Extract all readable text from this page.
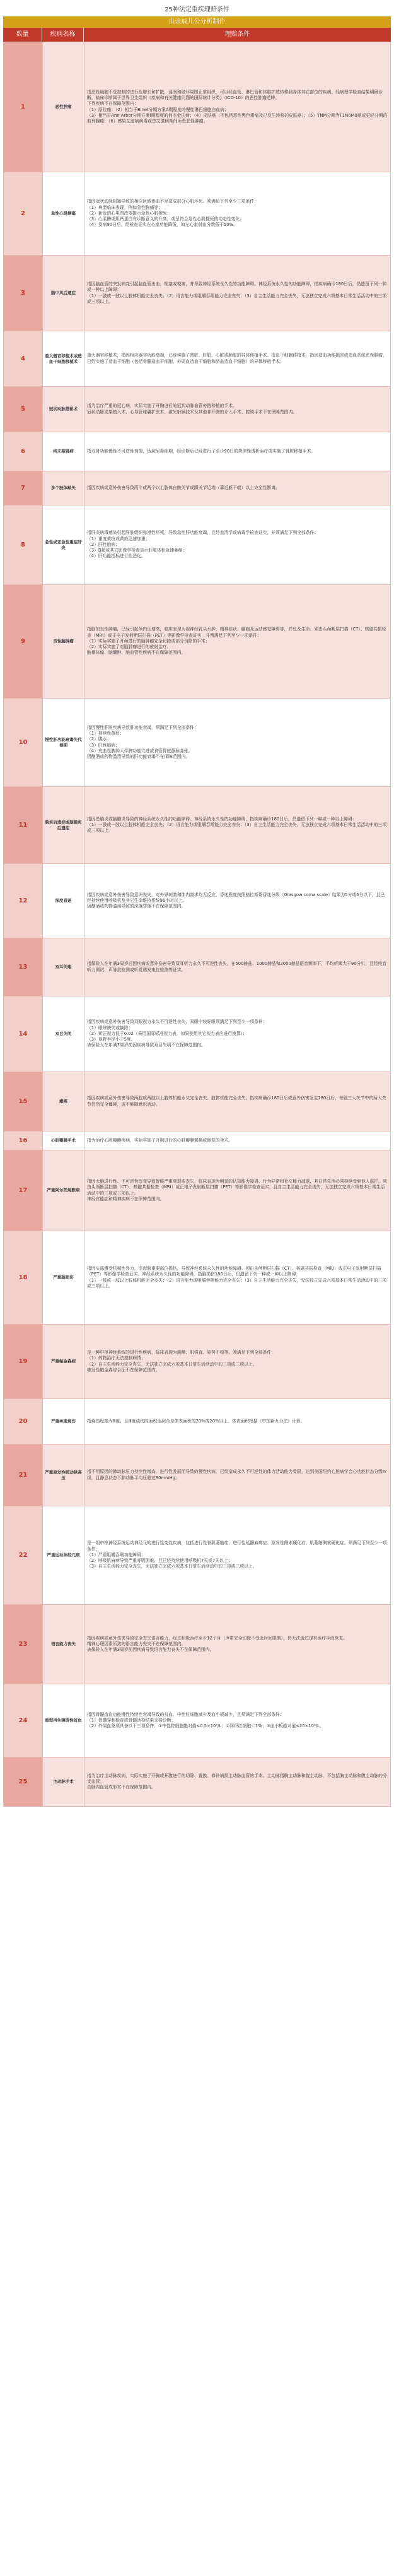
25种法定重疾理赔条件
由亲戚儿公分析制作
数量	疾病名称	理赔条件
1	恶性肿瘤

指恶性细胞不受控制的进行性增长和扩散，浸润和破坏周围正常组织，可以经血管、淋巴管和体腔扩散转移到身体其它部位的疾病。经病理学检查结果明确诊断，临床诊断属于世界卫生组织《疾病和有关健康问题的国际统计分类》（ICD-10）的恶性肿瘤范畴。
下列疾病不在保障范围内：
（1）原位癌；（2）相当于Binet分期方案A期程度的慢性淋巴细胞白血病；
（3）相当于Ann Arbor分期方案I期程度的何杰金氏病；（4）皮肤癌（不包括恶性黑色素瘤及已发生转移的皮肤癌）；（5）TNM分期为T1N0M0期或更轻分期的前列腺癌；（6）感染艾滋病病毒或患艾滋病期间所患恶性肿瘤。

2	急性心肌梗塞

指因冠状动脉阻塞导致的相应区域供血不足造成部分心肌坏死。须满足下列至少三项条件：
（1）典型临床表现，例如急性胸痛等；
（2）新近的心电图改变提示急性心肌梗死；
（3）心肌酶或肌钙蛋白有诊断意义的升高，或呈符合急性心肌梗死的动态性变化；
（4）发病90日后，经检查证实左心室功能降低，如左心室射血分数低于50%。

3	脑中风后遗症

指因脑血管的突发病变引起脑血管出血、栓塞或梗塞，并导致神经系统永久性的功能障碍。神经系统永久性的功能障碍，指疾病确诊180日后，仍遗留下列一种或一种以上障碍：
（1）一肢或一肢以上肢体机能完全丧失；（2）语言能力或咀嚼吞咽能力完全丧失；（3）自主生活能力完全丧失，无法独立完成六项基本日常生活活动中的三项或三项以上。

4	重大器官移植术或造血干细胞移植术

重大器官移植术，指因相应器官功能衰竭，已经实施了肾脏、肝脏、心脏或肺脏的异体移植手术。造血干细胞移植术，指因造血功能损害或造血系统恶性肿瘤，已经实施了造血干细胞（包括骨髓造血干细胞、外周血造血干细胞和脐血造血干细胞）的异体移植手术。

5	冠状动脉搭桥术

指为治疗严重的冠心病，实际实施了开胸进行的冠状动脉血管旁路移植的手术。
冠状动脉支架植入术、心导管球囊扩张术、激光射频技术及其他非开胸的介入手术、腔镜手术不在保障范围内。

6	终末期肾病	指双肾功能慢性不可逆性衰竭，达到尿毒症期，经诊断后已经进行了至少90日的规律性透析治疗或实施了肾脏移植手术。

7	多个肢体缺失	指因疾病或意外伤害导致两个或两个以上肢体自腕关节或踝关节近端（靠近躯干端）以上完全性断离。

8	急性或亚急性重症肝炎

指肝炎病毒感染引起肝脏组织弥漫性坏死，导致急性肝功能衰竭，且经血清学或病毒学检查证实，并须满足下列全部条件：
（1）重度黄疸或黄疸迅速加重；
（2）肝性脑病；
（3）B超或其它影像学检查显示肝脏体积急速萎缩；
（4）肝功能指标进行性恶化。

9	良性脑肿瘤

指脑的良性肿瘤，已经引起颅内压增高，临床表现为视神经乳头水肿、精神症状、癫痫及运动感觉障碍等，并危及生命。须由头颅断层扫描（CT）、核磁共振检查（MRI）或正电子发射断层扫描（PET）等影像学检查证实，并须满足下列至少一项条件：
（1）实际实施了开颅进行的脑肿瘤完全切除或部分切除的手术；
（2）实际实施了对脑肿瘤进行的放射治疗。
脑垂体瘤、脑囊肿、脑血管性疾病不在保障范围内。

10	慢性肝功能衰竭失代偿期

指因慢性肝脏疾病导致肝功能衰竭，须满足下列全部条件：
（1）持续性黄疸；
（2）腹水；
（3）肝性脑病；
（4）充血性脾肿大伴脾功能亢进或食管胃底静脉曲张。
因酗酒或药物滥用导致的肝功能衰竭不在保障范围内。

11	脑炎后遗症或脑膜炎后遗症

指因患脑炎或脑膜炎导致的神经系统永久性的功能障碍。神经系统永久性的功能障碍，指疾病确诊180日后，仍遗留下列一种或一种以上障碍：
（1）一肢或一肢以上肢体机能完全丧失；（2）语言能力或咀嚼吞咽能力完全丧失；（3）自主生活能力完全丧失，无法独立完成六项基本日常生活活动中的三项或三项以上。

12	深度昏迷

指因疾病或意外伤害导致意识丧失，对外界刺激和体内需求均无反应，昏迷程度按照格拉斯哥昏迷分级（Glasgow coma scale）结果为5分或5分以下，且已经持续使用呼吸机及其它生命维持系统96小时以上。
因酗酒或药物滥用导致的深度昏迷不在保障范围内。

13	双耳失聪

指保险人在年满3周岁后因疾病或意外伤害导致双耳听力永久不可逆性丧失，在500赫兹、1000赫兹和2000赫兹语音频率下，平均听阈大于90分贝，且经纯音听力测试、声导抗检测或听觉诱发电位检测等证实。

14	双目失明

指因疾病或意外伤害导致双眼视力永久不可逆性丧失，双眼中较好眼须满足下列至少一项条件：
（1）眼球缺失或摘除；
（2）矫正视力低于0.02（采用国际标准视力表，如果使用其它视力表应进行换算）；
（3）视野半径小于5度。
被保险人在年满3周岁前因疾病导致双目失明不在保障范围内。

15	瘫痪

指因疾病或意外伤害导致两肢或两肢以上肢体机能永久完全丧失。肢体机能完全丧失，指疾病确诊180日后或意外伤害发生180日后，每肢三大关节中的两大关节仍然完全僵硬，或不能随意识活动。

16	心脏瓣膜手术	指为治疗心脏瓣膜疾病，实际实施了开胸进行的心脏瓣膜置换或修复的手术。

17	严重阿尔茨海默病

指因大脑进行性、不可逆性改变导致智能严重衰退或丧失，临床表现为明显的认知能力障碍、行为异常和社交能力减退，其日常生活必须持续受到他人监护。须由头颅断层扫描（CT）、核磁共振检查（MRI）或正电子发射断层扫描（PET）等影像学检查证实，且自主生活能力完全丧失，无法独立完成六项基本日常生活活动中的三项或三项以上。
神经官能症和精神疾病不在保障范围内。

18	严重脑损伤

指因头部遭受机械性外力，引起脑重要部位损伤，导致神经系统永久性的功能障碍。须由头颅断层扫描（CT）、核磁共振检查（MRI）或正电子发射断层扫描（PET）等影像学检查证实。神经系统永久性的功能障碍，指脑损伤180日后，仍遗留下列一种或一种以上障碍：
（1）一肢或一肢以上肢体机能完全丧失；（2）语言能力或咀嚼吞咽能力完全丧失；（3）自主生活能力完全丧失，无法独立完成六项基本日常生活活动中的三项或三项以上。

19	严重帕金森病

是一种中枢神经系统的退行性疾病，临床表现为震颤、肌强直、姿势不稳等。须满足下列全部条件：
（1）药物治疗无法控制病情；
（2）自主生活能力完全丧失，无法独立完成六项基本日常生活活动中的三项或三项以上。
继发性帕金森综合征不在保障范围内。

20	严重Ⅲ度烧伤	指烧伤程度为Ⅲ度，且Ⅲ度烧伤的面积达到全身体表面积的20%或20%以上。体表面积根据《中国新九分法》计算。

21	严重原发性肺动脉高压

指不明原因的肺动脉压力持续性增高，进行性发展而导致的慢性疾病，已经造成永久不可逆性的体力活动能力受限，达到美国纽约心脏病学会心功能状态分级Ⅳ级，且静息状态下肺动脉平均压超过30mmHg。

22	严重运动神经元病

是一组中枢神经系统运动神经元的进行性变性疾病，包括进行性脊肌萎缩症、进行性延髓麻痹症、原发性侧索硬化症、肌萎缩侧索硬化症。须满足下列至少一项条件：
（1）严重咀嚼吞咽功能障碍；
（2）呼吸肌麻痹导致严重呼吸困难，且已经持续使用呼吸机7天或7天以上；
（3）自主生活能力完全丧失，无法独立完成六项基本日常生活活动中的三项或三项以上。

23	语言能力丧失

指因疾病或意外伤害导致完全丧失语言能力，经过积极治疗至少12个月（声带完全切除不受此时间限制），仍无法通过现有医疗手段恢复。
精神心理因素所致的语言能力丧失不在保障范围内。
被保险人在年满3周岁前因疾病导致语言能力丧失不在保障范围内。

24	重型再生障碍性贫血

指因骨髓造血功能慢性持续性衰竭导致的贫血、中性粒细胞减少及血小板减少，且须满足下列全部条件：
（1）骨髓穿刺检查或骨髓活检结果支持诊断；
（2）外周血象须具备以下三项条件：①中性粒细胞绝对值≤0.5×10⁹/L；②网织红细胞＜1%；③血小板绝对值≤20×10⁹/L。

25	主动脉手术

指为治疗主动脉疾病，实际实施了开胸或开腹进行的切除、置换、修补病损主动脉血管的手术。主动脉指胸主动脉和腹主动脉，不包括胸主动脉和腹主动脉的分支血管。
动脉内血管成形术不在保障范围内。
